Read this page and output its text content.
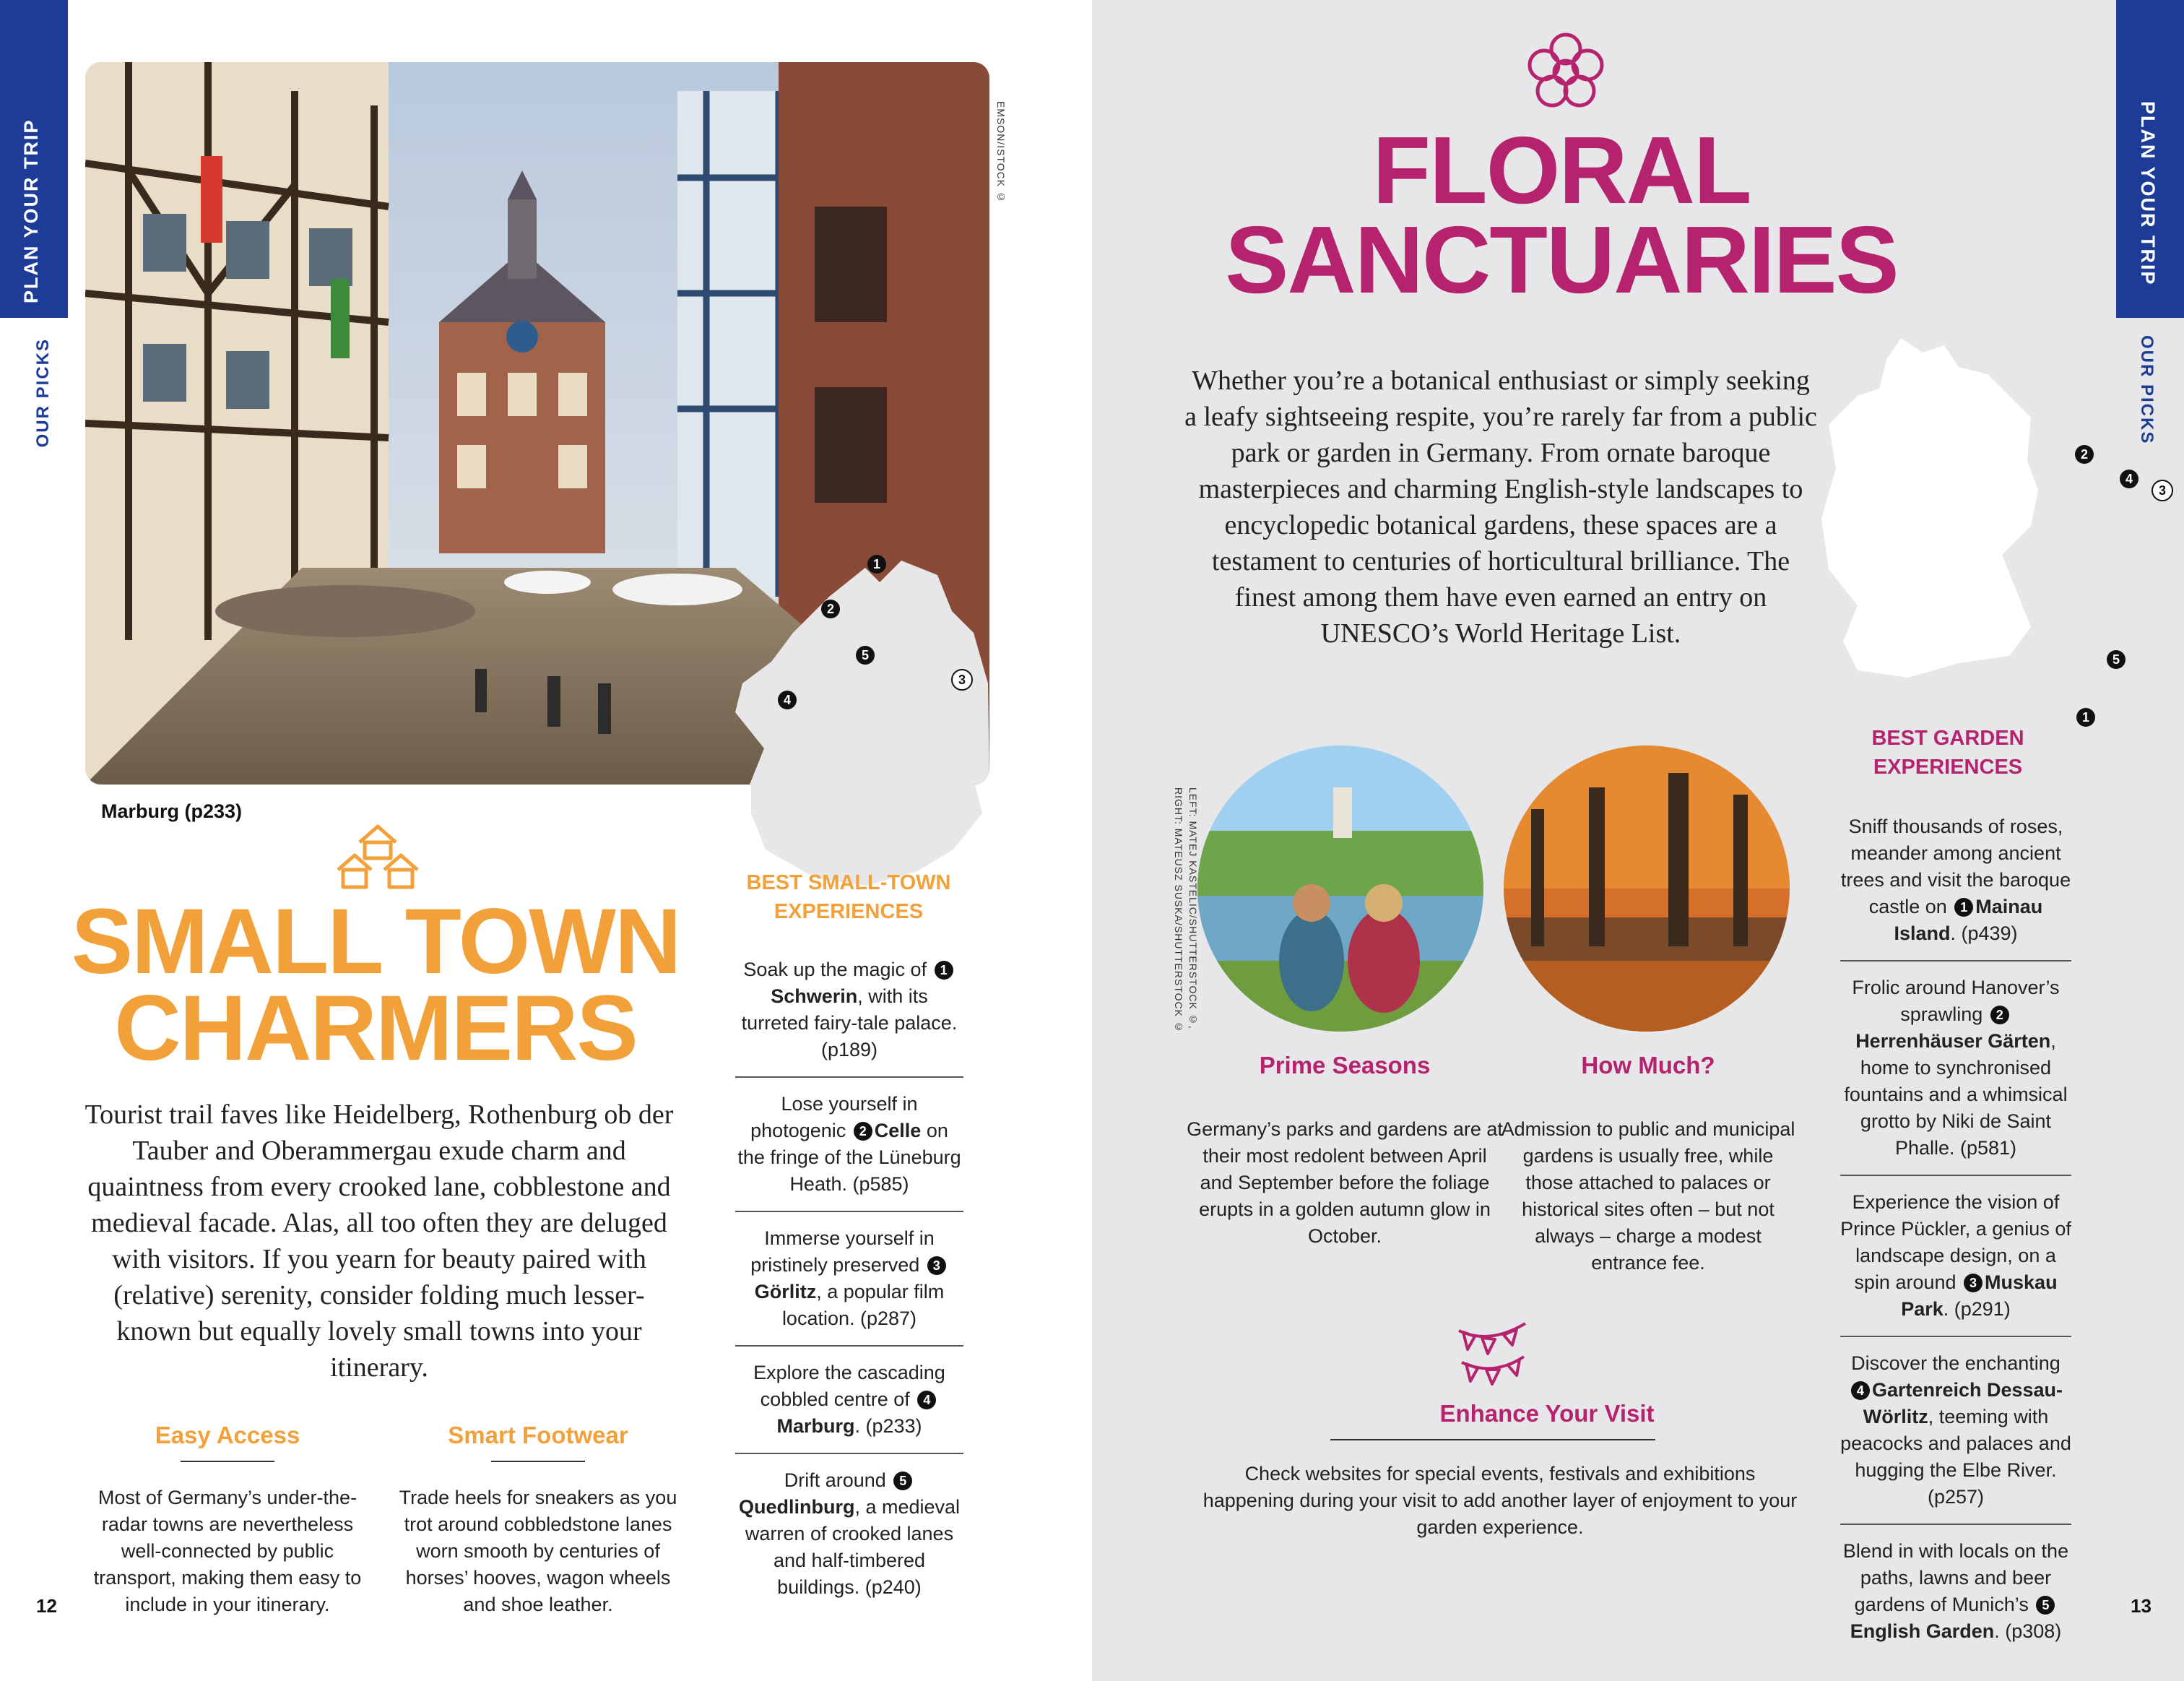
PLAN YOUR TRIP
OUR PICKS
1
2
3
4
5
EMSON/ISTOCK ©
Marburg (p233)
SMALL TOWN
CHARMERS
Tourist trail faves like Heidelberg, Rothenburg ob der Tauber and Oberammergau exude charm and quaintness from every crooked lane, cobblestone and medieval facade. Alas, all too often they are deluged with visitors. If you yearn for beauty paired with (relative) serenity, consider folding much lesser-known but equally lovely small towns into your itinerary.
Easy Access
Most of Germany’s under-the-radar towns are nevertheless well-connected by public transport, making them easy to include in your itinerary.
Smart Footwear
Trade heels for sneakers as you trot around cobbledstone lanes worn smooth by centuries of horses’ hooves, wagon wheels and shoe leather.
BEST SMALL-TOWN
EXPERIENCES
Soak up the magic of 1Schwerin, with its turreted fairy-tale palace. (p189)
Lose yourself in photogenic 2 Celle on the fringe of the Lüneburg Heath. (p585)
Immerse yourself in pristinely preserved 3Görlitz, a popular film location. (p287)
Explore the cascading cobbled centre of 4Marburg. (p233)
Drift around 5Quedlinburg, a medieval warren of crooked lanes and half-timbered buildings. (p240)
12
PLAN YOUR TRIP
OUR PICKS
FLORAL
SANCTUARIES
Whether you’re a botanical enthusiast or simply seeking a leafy sightseeing respite, you’re rarely far from a public park or garden in Germany. From ornate baroque masterpieces and charming English-style landscapes to encyclopedic botanical gardens, these spaces are a testament to centuries of horticultural brilliance. The finest among them have even earned an entry on UNESCO’s World Heritage List.
1
2
3
4
5
LEFT: MATEJ KASTELIC/SHUTTERSTOCK ©,
RIGHT: MATEUSZ SUSKA/SHUTTERSTOCK ©
Prime Seasons
Germany’s parks and gardens are at their most redolent between April and September before the foliage erupts in a golden autumn glow in October.
How Much?
Admission to public and municipal gardens is usually free, while those attached to palaces or historical sites often – but not always – charge a modest entrance fee.
Enhance Your Visit
Check websites for special events, festivals and exhibitions happening during your visit to add another layer of enjoyment to your garden experience.
BEST GARDEN
EXPERIENCES
Sniff thousands of roses, meander among ancient trees and visit the baroque castle on 1 Mainau Island. (p439)
Frolic around Hanover’s sprawling 2Herrenhäuser Gärten, home to synchronised fountains and a whimsical grotto by Niki de Saint Phalle. (p581)
Experience the vision of Prince Pückler, a genius of landscape design, on a spin around 3 Muskau Park. (p291)
Discover the enchanting 4 Gartenreich Dessau-Wörlitz, teeming with peacocks and palaces and hugging the Elbe River. (p257)
Blend in with locals on the paths, lawns and beer gardens of Munich’s 5English Garden. (p308)
13
